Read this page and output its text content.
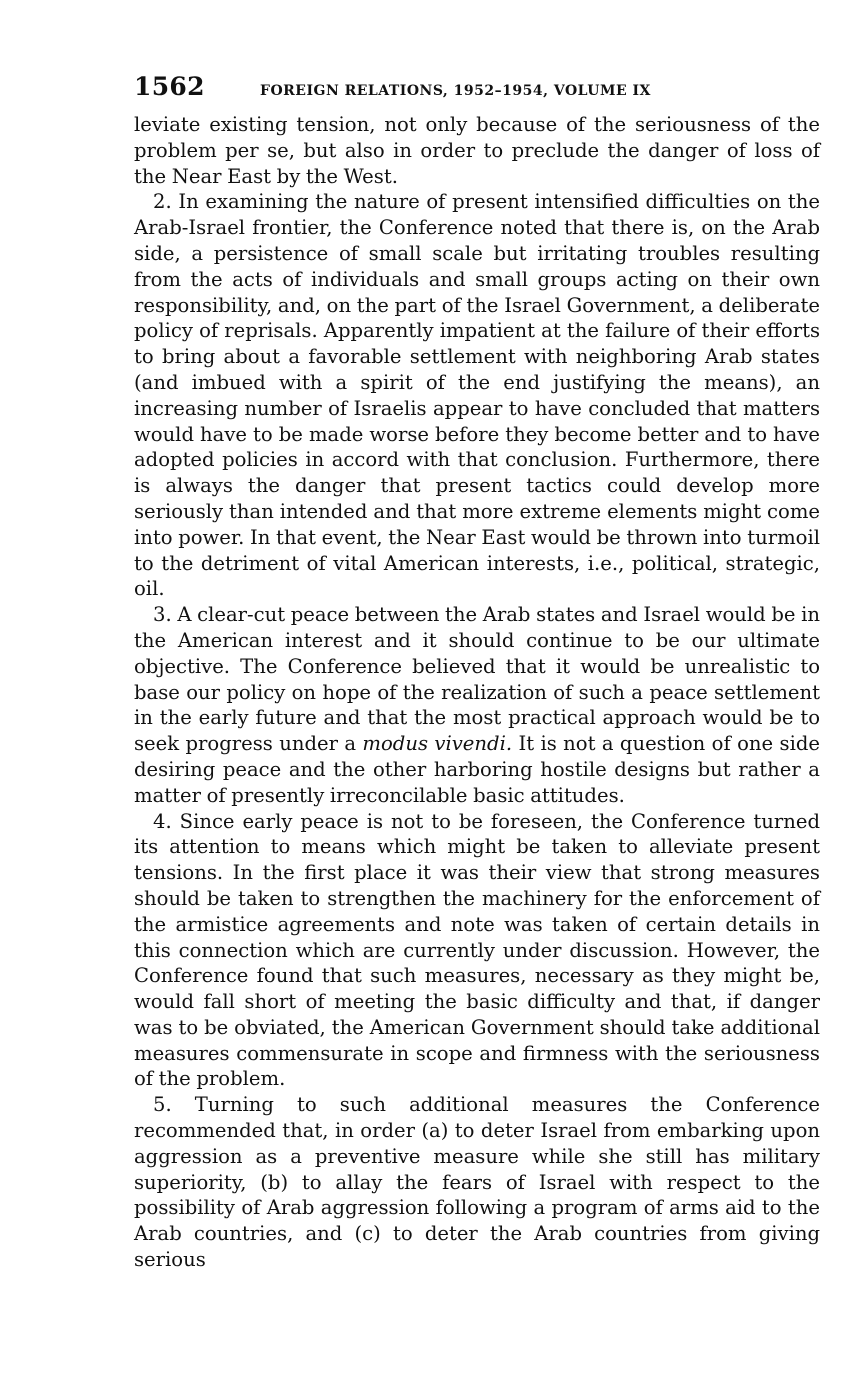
1562	FOREIGN RELATIONS, 1952–1954, VOLUME IX

leviate existing tension, not only because of the seriousness of the problem per se, but also in order to preclude the danger of loss of the Near East by the West.

2. In examining the nature of present intensified difficulties on the Arab-Israel frontier, the Conference noted that there is, on the Arab side, a persistence of small scale but irritating troubles resulting from the acts of individuals and small groups acting on their own responsibility, and, on the part of the Israel Government, a deliberate policy of reprisals. Apparently impatient at the failure of their efforts to bring about a favorable settlement with neighboring Arab states (and imbued with a spirit of the end justifying the means), an increasing number of Israelis appear to have concluded that matters would have to be made worse before they become better and to have adopted policies in accord with that conclusion. Furthermore, there is always the danger that present tactics could develop more seriously than intended and that more extreme elements might come into power. In that event, the Near East would be thrown into turmoil to the detriment of vital American interests, i.e., political, strategic, oil.

3. A clear-cut peace between the Arab states and Israel would be in the American interest and it should continue to be our ultimate objective. The Conference believed that it would be unrealistic to base our policy on hope of the realization of such a peace settlement in the early future and that the most practical approach would be to seek progress under a modus vivendi. It is not a question of one side desiring peace and the other harboring hostile designs but rather a matter of presently irreconcilable basic attitudes.

4. Since early peace is not to be foreseen, the Conference turned its attention to means which might be taken to alleviate present tensions. In the first place it was their view that strong measures should be taken to strengthen the machinery for the enforcement of the armistice agreements and note was taken of certain details in this connection which are currently under discussion. However, the Conference found that such measures, necessary as they might be, would fall short of meeting the basic difficulty and that, if danger was to be obviated, the American Government should take additional measures commensurate in scope and firmness with the seriousness of the problem.

5. Turning to such additional measures the Conference recommended that, in order (a) to deter Israel from embarking upon aggression as a preventive measure while she still has military superiority, (b) to allay the fears of Israel with respect to the possibility of Arab aggression following a program of arms aid to the Arab countries, and (c) to deter the Arab countries from giving serious
